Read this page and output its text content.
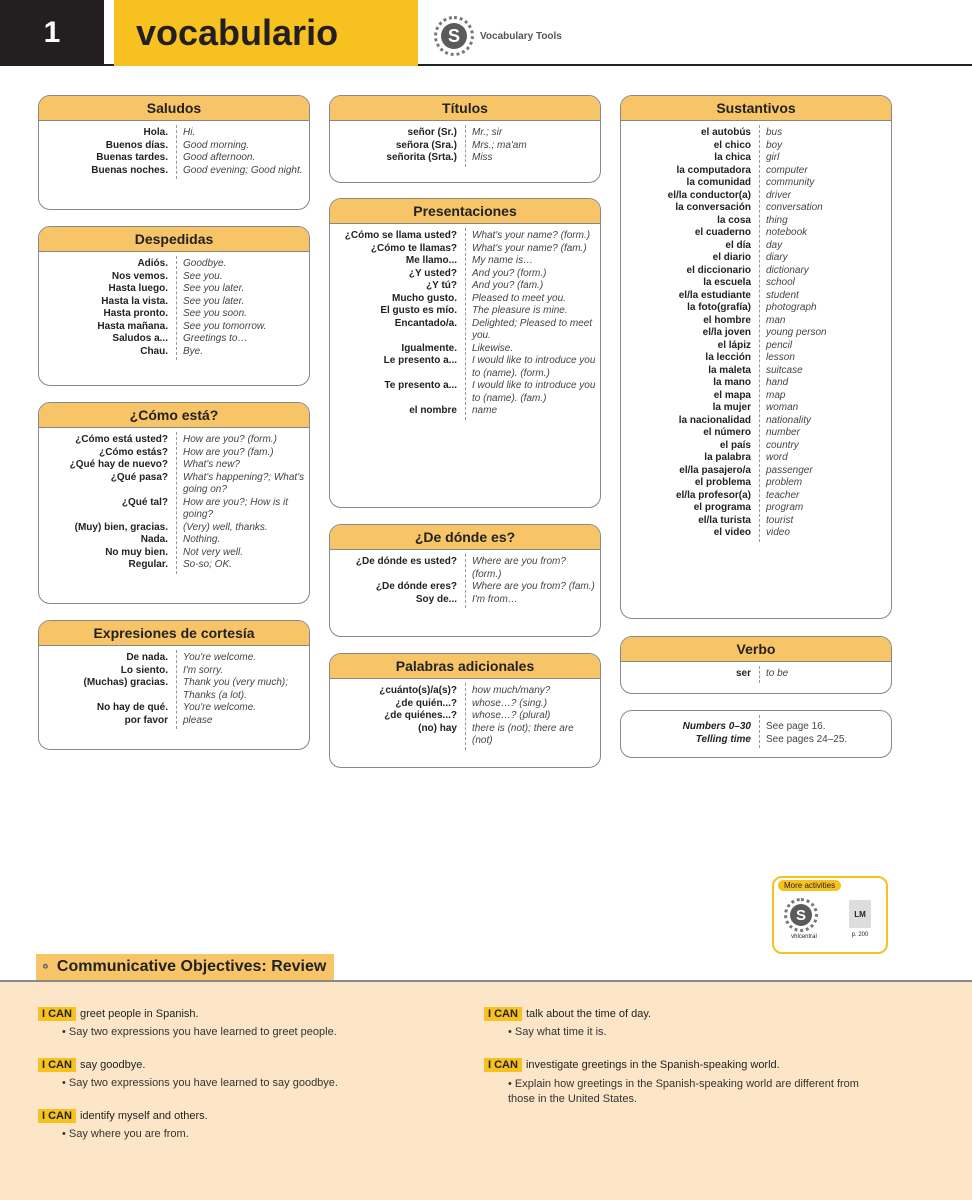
1	vocabulario	S	Vocabulary Tools
Saludos
Hola.	Hi.
Buenos días.	Good morning.
Buenas tardes.	Good afternoon.
Buenas noches.	Good evening; Good night.
Despedidas
Adiós.	Goodbye.
Nos vemos.	See you.
Hasta luego.	See you later.
Hasta la vista.	See you later.
Hasta pronto.	See you soon.
Hasta mañana.	See you tomorrow.
Saludos a...	Greetings to…
Chau.	Bye.
¿Cómo está?
¿Cómo está usted?	How are you? (form.)
¿Cómo estás?	How are you? (fam.)
¿Qué hay de nuevo?	What's new?
¿Qué pasa?	What's happening?; What's going on?
¿Qué tal?	How are you?; How is it going?
(Muy) bien, gracias.	(Very) well, thanks.
Nada.	Nothing.
No muy bien.	Not very well.
Regular.	So-so; OK.
Expresiones de cortesía
De nada.	You're welcome.
Lo siento.	I'm sorry.
(Muchas) gracias.	Thank you (very much); Thanks (a lot).
No hay de qué.	You're welcome.
por favor	please
Títulos
señor (Sr.)	Mr.; sir
señora (Sra.)	Mrs.; ma'am
señorita (Srta.)	Miss
Presentaciones
¿Cómo se llama usted?	What's your name? (form.)
¿Cómo te llamas?	What's your name? (fam.)
Me llamo...	My name is…
¿Y usted?	And you? (form.)
¿Y tú?	And you? (fam.)
Mucho gusto.	Pleased to meet you.
El gusto es mío.	The pleasure is mine.
Encantado/a.	Delighted; Pleased to meet you.
Igualmente.	Likewise.
Le presento a...	I would like to introduce you to (name). (form.)
Te presento a...	I would like to introduce you to (name). (fam.)
el nombre	name
¿De dónde es?
¿De dónde es usted?	Where are you from? (form.)
¿De dónde eres?	Where are you from? (fam.)
Soy de...	I'm from…
Palabras adicionales
¿cuánto(s)/a(s)?	how much/many?
¿de quién...?	whose…? (sing.)
¿de quiénes...?	whose…? (plural)
(no) hay	there is (not); there are (not)
Sustantivos
el autobús	bus
el chico	boy
la chica	girl
la computadora	computer
la comunidad	community
el/la conductor(a)	driver
la conversación	conversation
la cosa	thing
el cuaderno	notebook
el día	day
el diario	diary
el diccionario	dictionary
la escuela	school
el/la estudiante	student
la foto(grafía)	photograph
el hombre	man
el/la joven	young person
el lápiz	pencil
la lección	lesson
la maleta	suitcase
la mano	hand
el mapa	map
la mujer	woman
la nacionalidad	nationality
el número	number
el país	country
la palabra	word
el/la pasajero/a	passenger
el problema	problem
el/la profesor(a)	teacher
el programa	program
el/la turista	tourist
el video	video
Verbo
ser	to be
Numbers 0–30	See page 16.
Telling time	See pages 24–25.
More activities
S
vhlcentral
LM
p. 200
⚬ Communicative Objectives: Review
I CAN greet people in Spanish.
• Say two expressions you have learned to greet people.
I CAN say goodbye.
• Say two expressions you have learned to say goodbye.
I CAN identify myself and others.
• Say where you are from.
I CAN talk about the time of day.
• Say what time it is.
I CAN investigate greetings in the Spanish-speaking world.
• Explain how greetings in the Spanish-speaking world are different from those in the United States.
